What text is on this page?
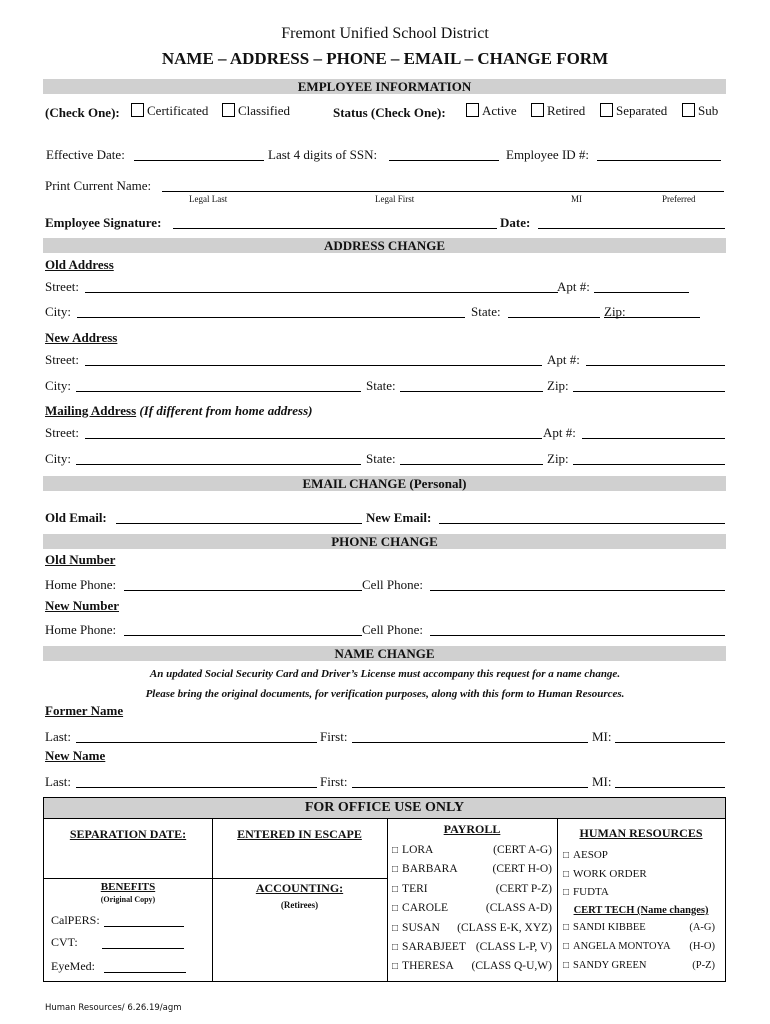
Fremont Unified School District
NAME – ADDRESS – PHONE – EMAIL – CHANGE FORM
EMPLOYEE INFORMATION
(Check One):	Certificated	Classified	Status (Check One):	Active	Retired	Separated	Sub
Effective Date:	Last 4 digits of SSN:	Employee ID #:
Print Current Name:
Legal Last	Legal First	MI	Preferred
Employee Signature:	Date:
ADDRESS CHANGE
Old Address
Street:	Apt #:
City:	State:	Zip:
New Address
Street:	Apt #:
City:	State:	Zip:
Mailing Address (If different from home address)
Street:	Apt #:
City:	State:	Zip:
EMAIL CHANGE (Personal)
Old Email:	New Email:
PHONE CHANGE
Old Number
Home Phone:	Cell Phone:
New Number
Home Phone:	Cell Phone:
NAME CHANGE
An updated Social Security Card and Driver’s License must accompany this request for a name change.
Please bring the original documents, for verification purposes, along with this form to Human Resources.
Former Name
Last:	First:	MI:
New Name
Last:	First:	MI:
FOR OFFICE USE ONLY
SEPARATION DATE:	ENTERED IN ESCAPE
BENEFITS
(Original Copy)
CalPERS:
CVT:
EyeMed:
ACCOUNTING:
(Retirees)
PAYROLL
□ LORA	(CERT A-G)
□ BARBARA	(CERT H-O)
□ TERI	(CERT P-Z)
□ CAROLE	(CLASS A-D)
□ SUSAN (CLASS E-K, XYZ)
□ SARABJEET (CLASS L-P, V)
□ THERESA (CLASS Q-U,W)
HUMAN RESOURCES
□ AESOP
□ WORK ORDER
□ FUDTA
CERT TECH (Name changes)
□ SANDI KIBBEE	(A-G)
□ ANGELA MONTOYA (H-O)
□ SANDY GREEN	(P-Z)
Human Resources/ 6.26.19/agm
